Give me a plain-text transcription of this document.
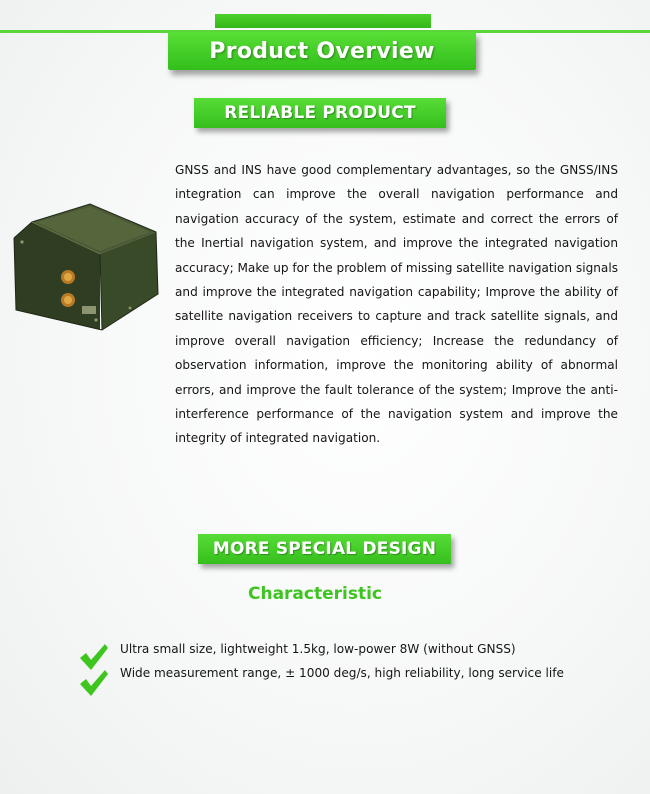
Product Overview
RELIABLE PRODUCT
GNSS and INS have good complementary advantages, so the GNSS/INS integration can improve the overall navigation performance and navigation accuracy of the system, estimate and correct the errors of the Inertial navigation system, and improve the integrated navigation accuracy; Make up for the problem of missing satellite navigation signals and improve the integrated navigation capability; Improve the ability of satellite navigation receivers to capture and track satellite signals, and improve overall navigation efficiency; Increase the redundancy of observation information, improve the monitoring ability of abnormal errors, and improve the fault tolerance of the system; Improve the anti-interference performance of the navigation system and improve the integrity of integrated navigation.
MORE SPECIAL DESIGN
Characteristic
Ultra small size, lightweight 1.5kg, low-power 8W (without GNSS)
Wide measurement range, ± 1000 deg/s, high reliability, long service life
